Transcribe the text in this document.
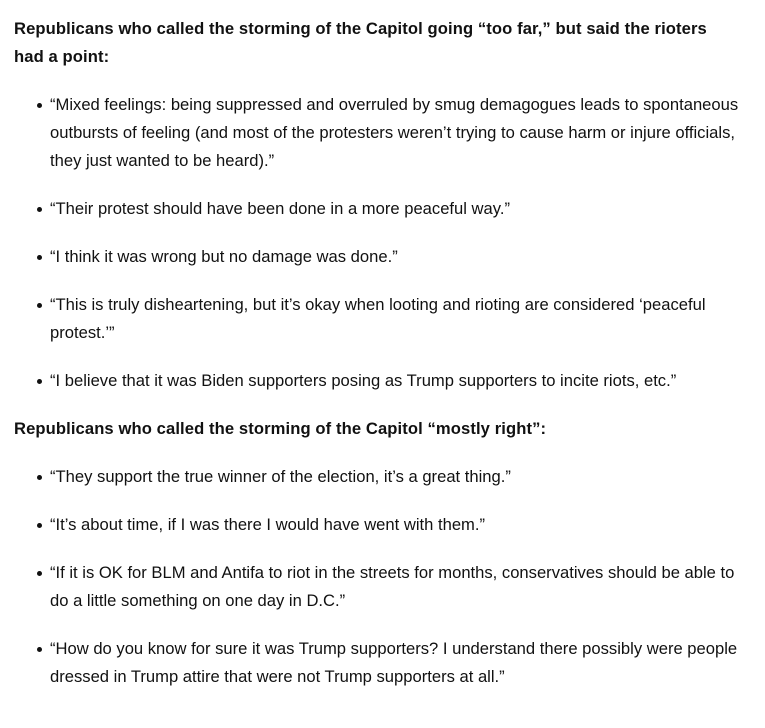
Republicans who called the storming of the Capitol going “too far,” but said the rioters had a point:

“Mixed feelings: being suppressed and overruled by smug demagogues leads to spontaneous outbursts of feeling (and most of the protesters weren’t trying to cause harm or injure officials, they just wanted to be heard).”
“Their protest should have been done in a more peaceful way.”
“I think it was wrong but no damage was done.”
“This is truly disheartening, but it’s okay when looting and rioting are considered ‘peaceful protest.’”
“I believe that it was Biden supporters posing as Trump supporters to incite riots, etc.”

Republicans who called the storming of the Capitol “mostly right”:

“They support the true winner of the election, it’s a great thing.”
“It’s about time, if I was there I would have went with them.”
“If it is OK for BLM and Antifa to riot in the streets for months, conservatives should be able to do a little something on one day in D.C.”
“How do you know for sure it was Trump supporters? I understand there possibly were people dressed in Trump attire that were not Trump supporters at all.”
